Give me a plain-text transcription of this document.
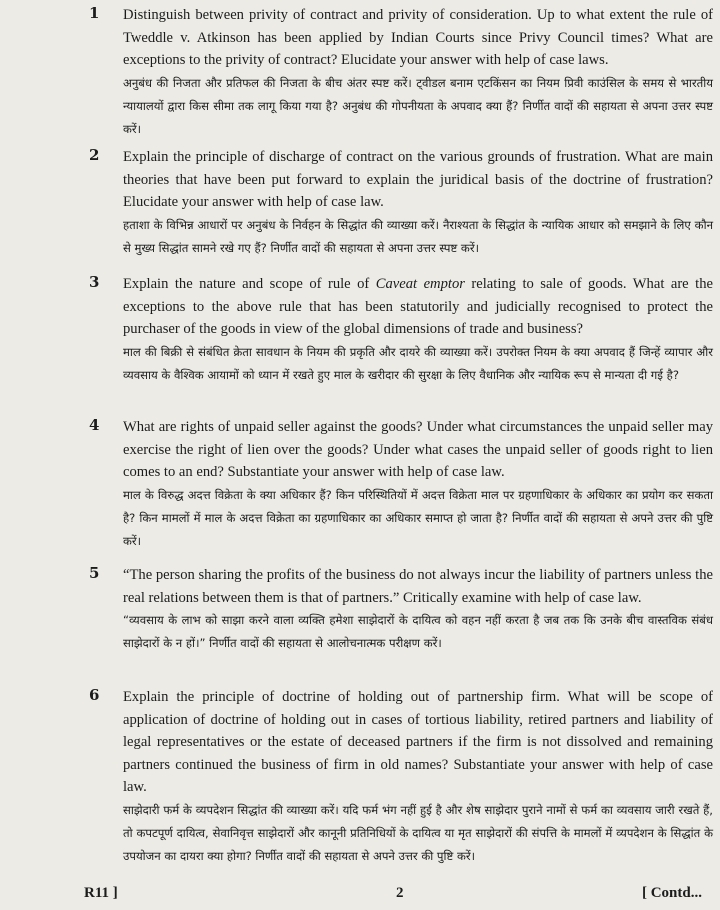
1 Distinguish between privity of contract and privity of consideration. Up to what extent the rule of Tweddle v. Atkinson has been applied by Indian Courts since Privy Council times? What are exceptions to the privity of contract? Elucidate your answer with help of case laws.

अनुबंध की निजता और प्रतिफल की निजता के बीच अंतर स्पष्ट करें। ट्वीडल बनाम एटकिंसन का नियम प्रिवी काउंसिल के समय से भारतीय न्यायालयों द्वारा किस सीमा तक लागू किया गया है? अनुबंध की गोपनीयता के अपवाद क्या हैं? निर्णीत वादों की सहायता से अपना उत्तर स्पष्ट करें।

2 Explain the principle of discharge of contract on the various grounds of frustration. What are main theories that have been put forward to explain the juridical basis of the doctrine of frustration? Elucidate your answer with help of case law.

हताशा के विभिन्न आधारों पर अनुबंध के निर्वहन के सिद्धांत की व्याख्या करें। नैराश्यता के सिद्धांत के न्यायिक आधार को समझाने के लिए कौन से मुख्य सिद्धांत सामने रखे गए हैं? निर्णीत वादों की सहायता से अपना उत्तर स्पष्ट करें।

3 Explain the nature and scope of rule of Caveat emptor relating to sale of goods. What are the exceptions to the above rule that has been statutorily and judicially recognised to protect the purchaser of the goods in view of the global dimensions of trade and business?

माल की बिक्री से संबंधित क्रेता सावधान के नियम की प्रकृति और दायरे की व्याख्या करें। उपरोक्त नियम के क्या अपवाद हैं जिन्हें व्यापार और व्यवसाय के वैश्विक आयामों को ध्यान में रखते हुए माल के खरीदार की सुरक्षा के लिए वैधानिक और न्यायिक रूप से मान्यता दी गई है?

4 What are rights of unpaid seller against the goods? Under what circumstances the unpaid seller may exercise the right of lien over the goods? Under what cases the unpaid seller of goods right to lien comes to an end? Substantiate your answer with help of case law.

माल के विरुद्ध अदत्त विक्रेता के क्या अधिकार हैं? किन परिस्थितियों में अदत्त विक्रेता माल पर ग्रहणाधिकार के अधिकार का प्रयोग कर सकता है? किन मामलों में माल के अदत्त विक्रेता का ग्रहणाधिकार का अधिकार समाप्त हो जाता है? निर्णीत वादों की सहायता से अपने उत्तर की पुष्टि करें।

5 “The person sharing the profits of the business do not always incur the liability of partners unless the real relations between them is that of partners.” Critically examine with help of case law.

“व्यवसाय के लाभ को साझा करने वाला व्यक्ति हमेशा साझेदारों के दायित्व को वहन नहीं करता है जब तक कि उनके बीच वास्तविक संबंध साझेदारों के न हों।” निर्णीत वादों की सहायता से आलोचनात्मक परीक्षण करें।

6 Explain the principle of doctrine of holding out of partnership firm. What will be scope of application of doctrine of holding out in cases of tortious liability, retired partners and liability of legal representatives or the estate of deceased partners if the firm is not dissolved and remaining partners continued the business of firm in old names? Substantiate your answer with help of case law.

साझेदारी फर्म के व्यपदेशन सिद्धांत की व्याख्या करें। यदि फर्म भंग नहीं हुई है और शेष साझेदार पुराने नामों से फर्म का व्यवसाय जारी रखते हैं, तो कपटपूर्ण दायित्व, सेवानिवृत्त साझेदारों और कानूनी प्रतिनिधियों के दायित्व या मृत साझेदारों की संपत्ति के मामलों में व्यपदेशन के सिद्धांत के उपयोजन का दायरा क्या होगा? निर्णीत वादों की सहायता से अपने उत्तर की पुष्टि करें।

R11 ]	2	[ Contd...
